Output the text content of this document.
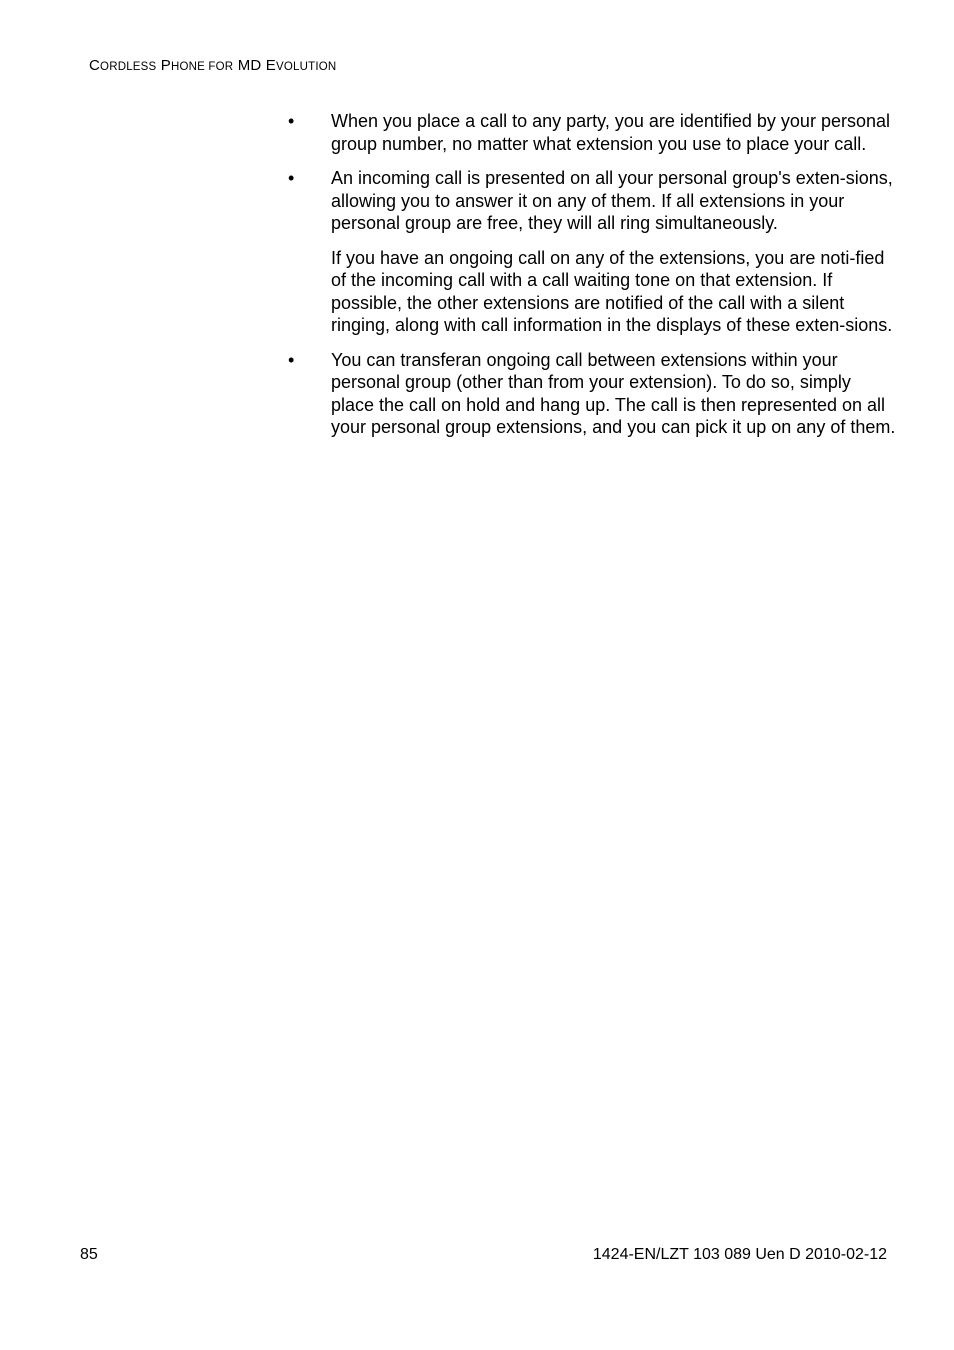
CORDLESS PHONE FOR MD EVOLUTION
•	When you place a call to any party, you are identified by your personal group number, no matter what extension you use to place your call.

•	An incoming call is presented on all your personal group's exten-sions, allowing you to answer it on any of them. If all extensions in your personal group are free, they will all ring simultaneously.

If you have an ongoing call on any of the extensions, you are noti-fied of the incoming call with a call waiting tone on that extension. If possible, the other extensions are notified of the call with a silent ringing, along with call information in the displays of these exten-sions.

•	You can transferan ongoing call between extensions within your personal group (other than from your extension). To do so, simply place the call on hold and hang up. The call is then represented on all your personal group extensions, and you can pick it up on any of them.

85	1424-EN/LZT 103 089 Uen D 2010-02-12
